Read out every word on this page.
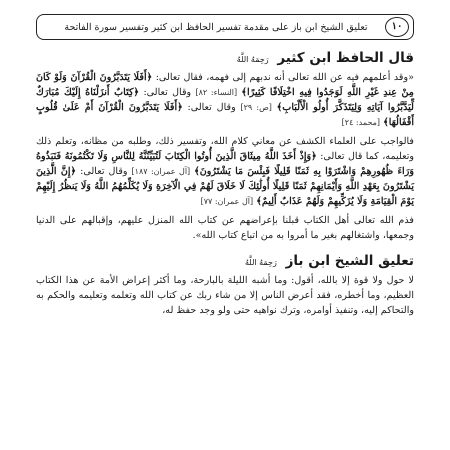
١٠
تعليق الشيخ ابن باز على مقدمة تفسير الحافظ ابن كثير وتفسير سورة الفاتحة
قال الحافظ ابن كثير رَحِمَهُ اللَّهُ

«وقد أعلمهم فيه عن الله تعالى أنه ندبهم إلى فهمه، فقال تعالى: ﴿أَفَلَا يَتَدَبَّرُونَ الْقُرْآنَ وَلَوْ كَانَ مِنْ عِندِ غَيْرِ اللَّهِ لَوَجَدُوا فِيهِ اخْتِلَافًا كَثِيرًا﴾ [النساء: ٨٢] وقال تعالى: ﴿كِتَابٌ أَنزَلْنَاهُ إِلَيْكَ مُبَارَكٌ لِّيَدَّبَّرُوا آيَاتِهِ وَلِيَتَذَكَّرَ أُولُو الْأَلْبَابِ﴾ [ص: ٢٩] وقال تعالى: ﴿أَفَلَا يَتَدَبَّرُونَ الْقُرْآنَ أَمْ عَلَىٰ قُلُوبٍ أَقْفَالُهَا﴾ [محمد: ٢٤]

فالواجب على العلماء الكشف عن معاني كلام الله، وتفسير ذلك، وطلبه من مظانه، وتعلم ذلك وتعليمه، كما قال تعالى: ﴿وَإِذْ أَخَذَ اللَّهُ مِيثَاقَ الَّذِينَ أُوتُوا الْكِتَابَ لَتُبَيِّنُنَّهُ لِلنَّاسِ وَلَا تَكْتُمُونَهُ فَنَبَذُوهُ وَرَاءَ ظُهُورِهِمْ وَاشْتَرَوْا بِهِ ثَمَنًا قَلِيلًا فَبِئْسَ مَا يَشْتَرُونَ﴾ [آل عمران: ١٨٧] وقال تعالى: ﴿إِنَّ الَّذِينَ يَشْتَرُونَ بِعَهْدِ اللَّهِ وَأَيْمَانِهِمْ ثَمَنًا قَلِيلًا أُولَٰئِكَ لَا خَلَاقَ لَهُمْ فِي الْآخِرَةِ وَلَا يُكَلِّمُهُمُ اللَّهُ وَلَا يَنظُرُ إِلَيْهِمْ يَوْمَ الْقِيَامَةِ وَلَا يُزَكِّيهِمْ وَلَهُمْ عَذَابٌ أَلِيمٌ﴾ [آل عمران: ٧٧]

فذم الله تعالى أهل الكتاب قبلنا بإعراضهم عن كتاب الله المنزل عليهم، وإقبالهم على الدنيا وجمعها، واشتغالهم بغير ما أمروا به من اتباع كتاب الله».

تعليق الشيخ ابن باز رَحِمَهُ اللَّهُ

لا حول ولا قوة إلا بالله، أقول: وما أشبه الليلة بالبارحة، وما أكثر إعراض الأمة عن هذا الكتاب العظيم، وما أخطره، فقد أعرض الناس إلا من شاء ربك عن كتاب الله وتعلمه وتعليمه والحكم به والتحاكم إليه، وتنفيذ أوامره، وترك نواهيه حتى ولو وجد حفظ له،
